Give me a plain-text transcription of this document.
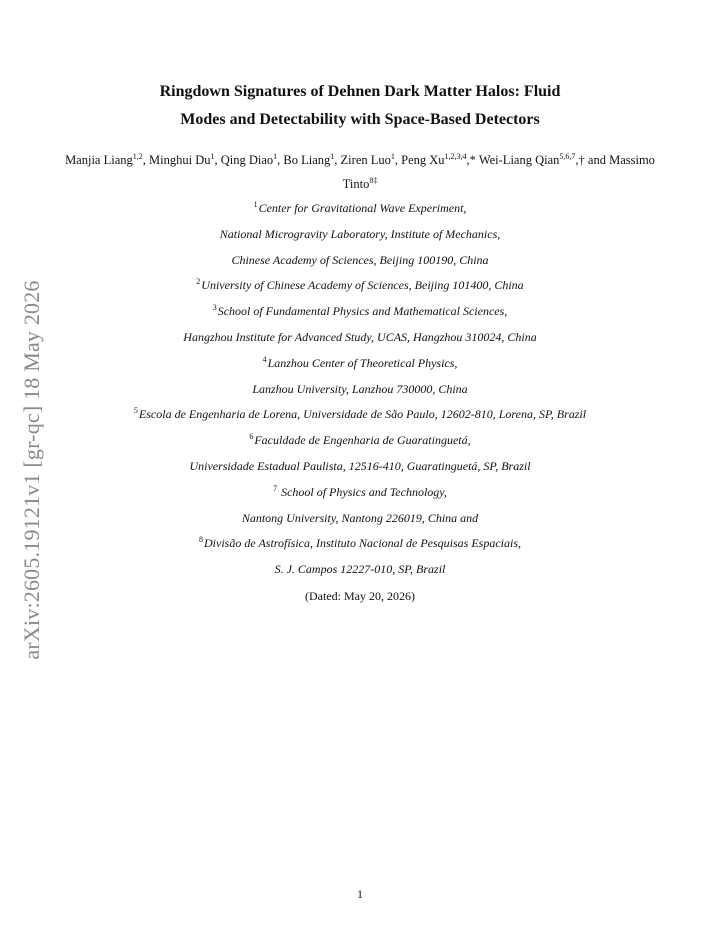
arXiv:2605.19121v1 [gr-qc] 18 May 2026
Ringdown Signatures of Dehnen Dark Matter Halos: Fluid
Modes and Detectability with Space-Based Detectors
Manjia Liang$^{1,2}$, Minghui Du$^1$, Qing Diao$^1$, Bo Liang$^1$, Ziren Luo$^1$, Peng Xu$^{1,2,3,4}$,* Wei-Liang Qian$^{5,6,7}$,† and Massimo Tinto$^{8\ddagger}$
$^1$Center for Gravitational Wave Experiment,
National Microgravity Laboratory, Institute of Mechanics,
Chinese Academy of Sciences, Beijing 100190, China
$^2$University of Chinese Academy of Sciences, Beijing 101400, China
$^3$School of Fundamental Physics and Mathematical Sciences,
Hangzhou Institute for Advanced Study, UCAS, Hangzhou 310024, China
$^4$Lanzhou Center of Theoretical Physics,
Lanzhou University, Lanzhou 730000, China
$^5$Escola de Engenharia de Lorena, Universidade de São Paulo, 12602-810, Lorena, SP, Brazil
$^6$Faculdade de Engenharia de Guaratinguetá,
Universidade Estadual Paulista, 12516-410, Guaratinguetá, SP, Brazil
$^7$ School of Physics and Technology,
Nantong University, Nantong 226019, China and
$^8$Divisão de Astrofísica, Instituto Nacional de Pesquisas Espaciais,
S. J. Campos 12227-010, SP, Brazil
(Dated: May 20, 2026)
1
